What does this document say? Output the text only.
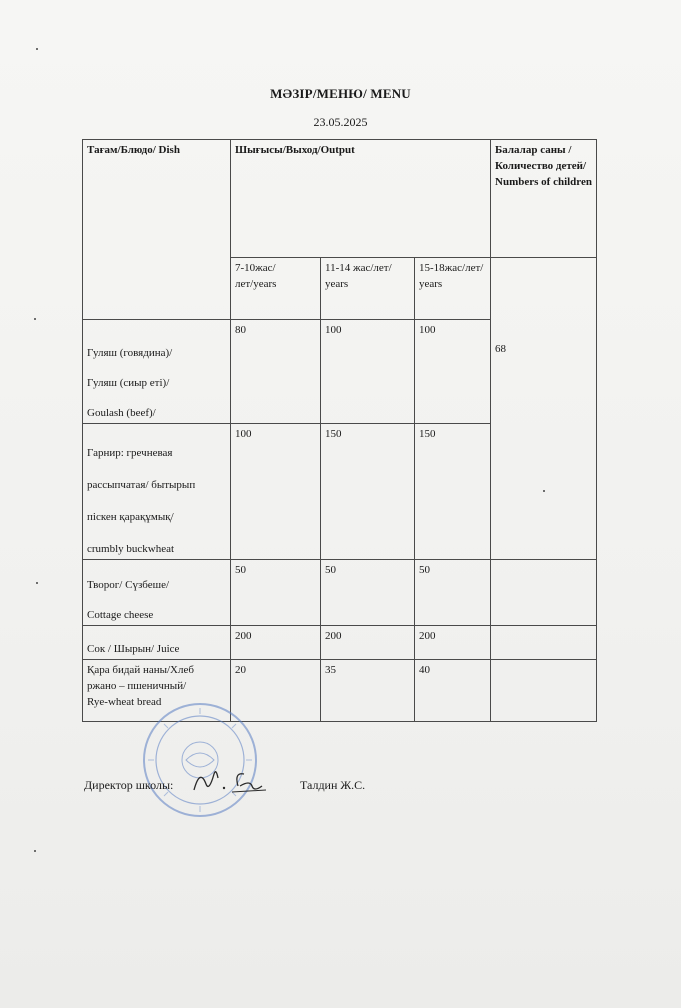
МӘЗІР/МЕНЮ/ MENU
23.05.2025
Тағам/Блюдо/ Dish	Шығысы/Выход/Output			Балалар саны /Количество детей/ Numbers of children	
	7-10жас/лет/years	11-14 жас/лет/ years	15-18жас/лет/ years	68	

Гуляш (говядина)/
Гуляш (сиыр еті)/
Goulash (beef)/	80	100	100		

Гарнир: гречневая
рассыпчатая/ бытырып
піскен қарақұмық/
crumbly buckwheat	100	150	150		

Творог/ Сүзбеше/
Cottage cheese	50	50	50		

Сок / Шырын/ Juice	200	200	200		

Қара бидай наны/Хлеб
ржано – пшеничный/
Rye-wheat bread	20	35	40		
Директор школы:	Талдин Ж.С.
